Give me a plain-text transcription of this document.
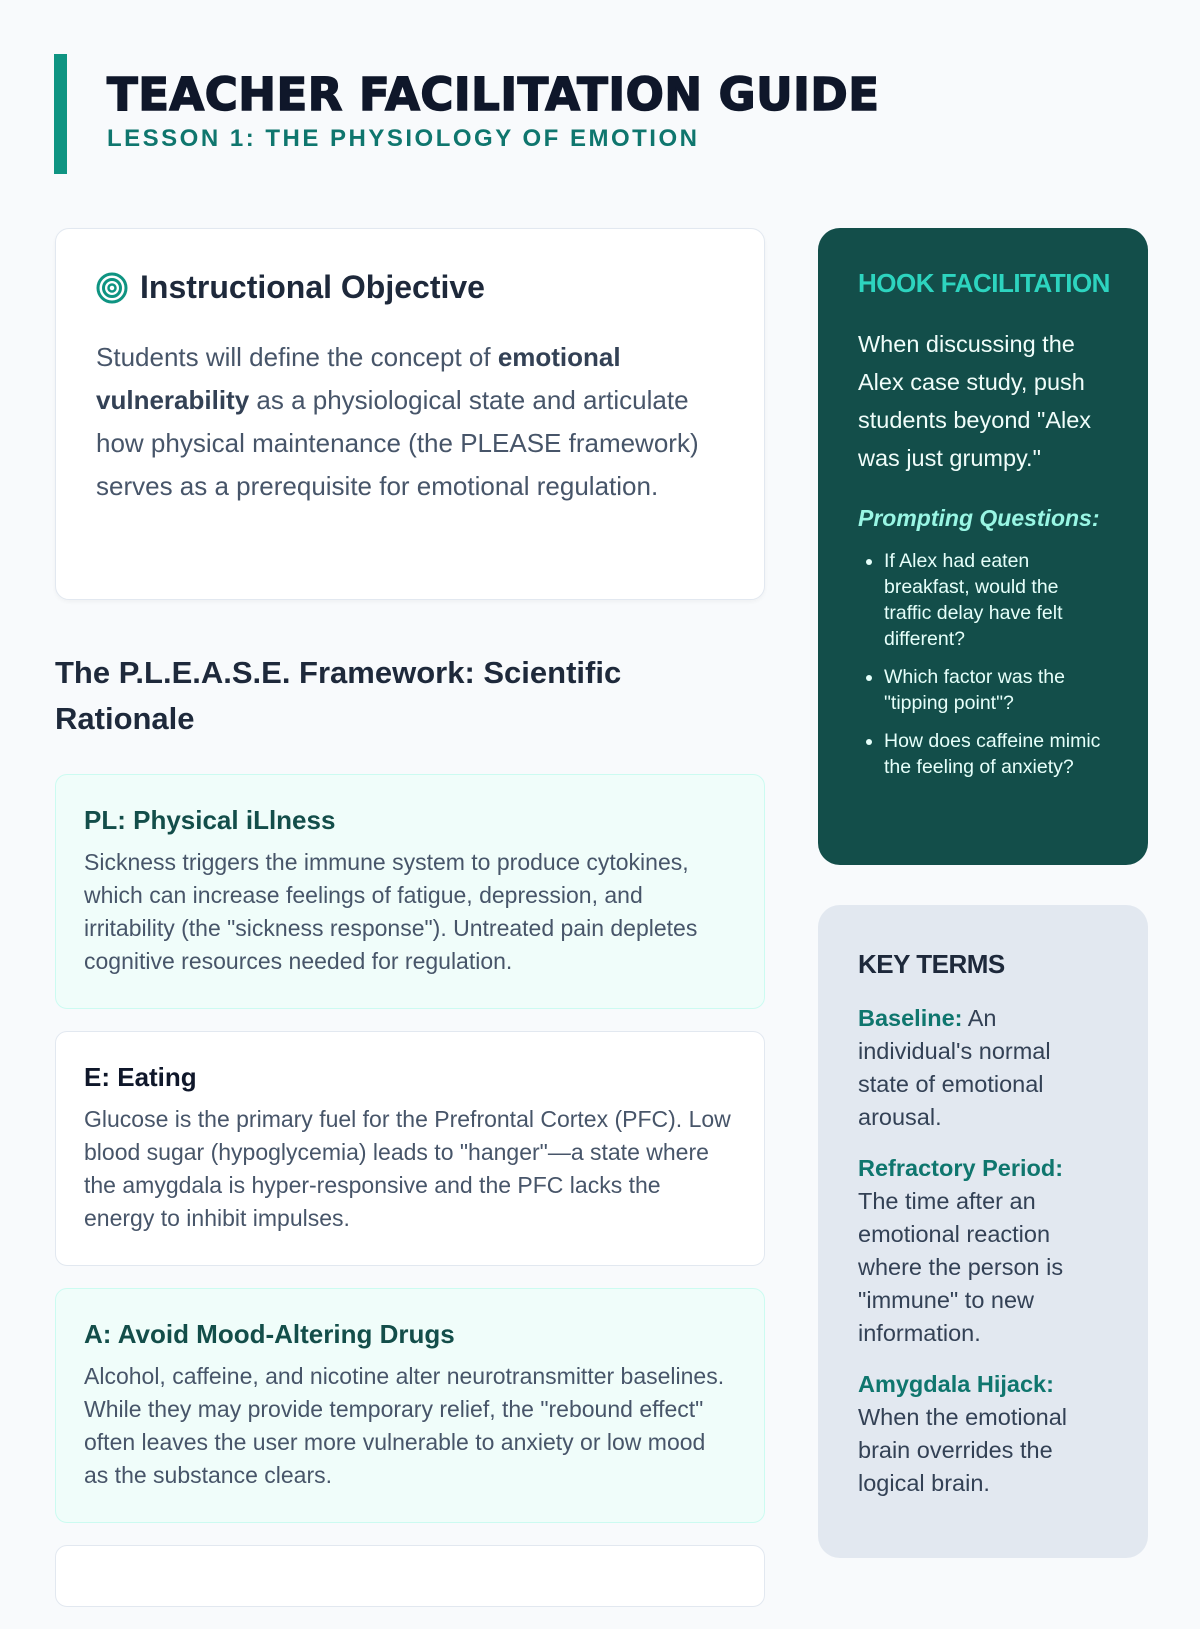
TEACHER FACILITATION GUIDE
LESSON 1: THE PHYSIOLOGY OF EMOTION
Instructional Objective

Students will define the concept of emotional vulnerability as a physiological state and articulate how physical maintenance (the PLEASE framework) serves as a prerequisite for emotional regulation.

The P.L.E.A.S.E. Framework: Scientific Rationale
PL: Physical iLlness

Sickness triggers the immune system to produce cytokines, which can increase feelings of fatigue, depression, and irritability (the "sickness response"). Untreated pain depletes cognitive resources needed for regulation.

E: Eating

Glucose is the primary fuel for the Prefrontal Cortex (PFC). Low blood sugar (hypoglycemia) leads to "hanger"—a state where the amygdala is hyper-responsive and the PFC lacks the energy to inhibit impulses.

A: Avoid Mood-Altering Drugs

Alcohol, caffeine, and nicotine alter neurotransmitter baselines. While they may provide temporary relief, the "rebound effect" often leaves the user more vulnerable to anxiety or low mood as the substance clears.

HOOK FACILITATION

When discussing the Alex case study, push students beyond "Alex was just grumpy."

Prompting Questions:
• If Alex had eaten breakfast, would the traffic delay have felt different?
• Which factor was the "tipping point"?
• How does caffeine mimic the feeling of anxiety?
KEY TERMS
Baseline: An individual's normal state of emotional arousal.
Refractory Period: The time after an emotional reaction where the person is "immune" to new information.
Amygdala Hijack: When the emotional brain overrides the logical brain.
